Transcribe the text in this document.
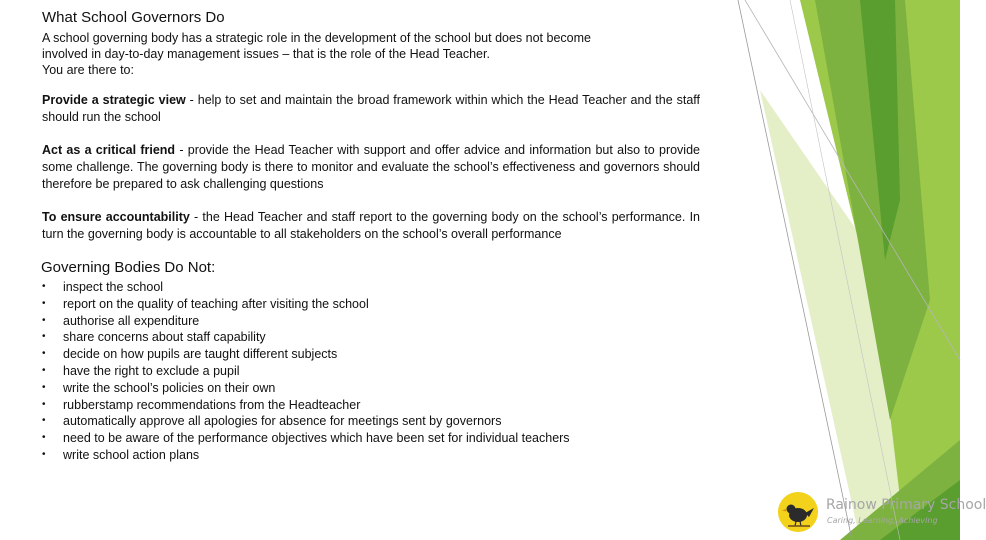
What School Governors Do

A school governing body has a strategic role in the development of the school but does not become
involved in day-to-day management issues – that is the role of the Head Teacher.
You are there to:

Provide a strategic view - help to set and maintain the broad framework within which the Head Teacher and the staff should run the school

Act as a critical friend - provide the Head Teacher with support and offer advice and information but also to provide some challenge. The governing body is there to monitor and evaluate the school’s effectiveness and governors should therefore be prepared to ask challenging questions

To ensure accountability - the Head Teacher and staff report to the governing body on the school’s performance. In turn the governing body is accountable to all stakeholders on the school’s overall performance

Governing Bodies Do Not:
•	inspect the school
•	report on the quality of teaching after visiting the school
•	authorise all expenditure
•	share concerns about staff capability
•	decide on how pupils are taught different subjects
•	have the right to exclude a pupil
•	write the school’s policies on their own
•	rubberstamp recommendations from the Headteacher
•	automatically approve all apologies for absence for meetings sent by governors
•	need to be aware of the performance objectives which have been set for individual teachers
•	write school action plans
Rainow Primary School
Caring, Learning, Achieving
